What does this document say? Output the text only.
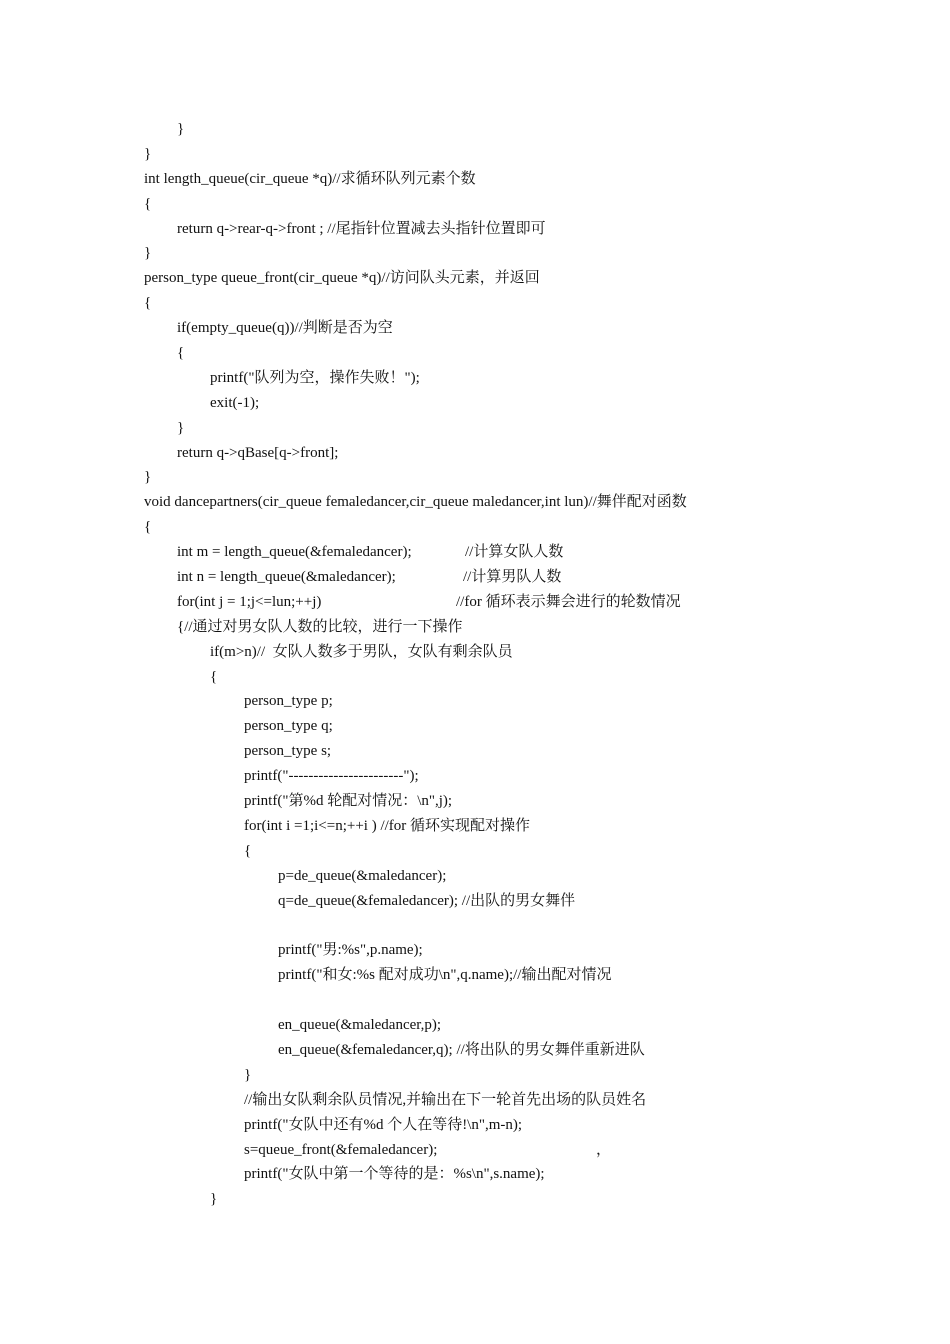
}
}
int length_queue(cir_queue *q)//求循环队列元素个数
{
return q->rear-q->front ; //尾指针位置减去头指针位置即可
}
person_type queue_front(cir_queue *q)//访问队头元素，并返回
{
if(empty_queue(q))//判断是否为空
{
printf("队列为空，操作失败！");
exit(-1);
}
return q->qBase[q->front];
}
void dancepartners(cir_queue femaledancer,cir_queue maledancer,int lun)//舞伴配对函数
{
int m = length_queue(&femaledancer);	//计算女队人数
int n = length_queue(&maledancer);	//计算男队人数
for(int j = 1;j<=lun;++j)	//for 循环表示舞会进行的轮数情况
{//通过对男女队人数的比较，进行一下操作
if(m>n)//  女队人数多于男队，女队有剩余队员
{
person_type p;
person_type q;
person_type s;
printf("-----------------------");
printf("第%d 轮配对情况：\n",j);
for(int i =1;i<=n;++i ) //for 循环实现配对操作
{
p=de_queue(&maledancer);
q=de_queue(&femaledancer); //出队的男女舞伴
printf("男:%s",p.name);
printf("和女:%s 配对成功\n",q.name);//输出配对情况
en_queue(&maledancer,p);
en_queue(&femaledancer,q); //将出队的男女舞伴重新进队
}
//输出女队剩余队员情况,并输出在下一轮首先出场的队员姓名
printf("女队中还有%d 个人在等待!\n",m-n);
s=queue_front(&femaledancer);	，
printf("女队中第一个等待的是：%s\n",s.name);
}
